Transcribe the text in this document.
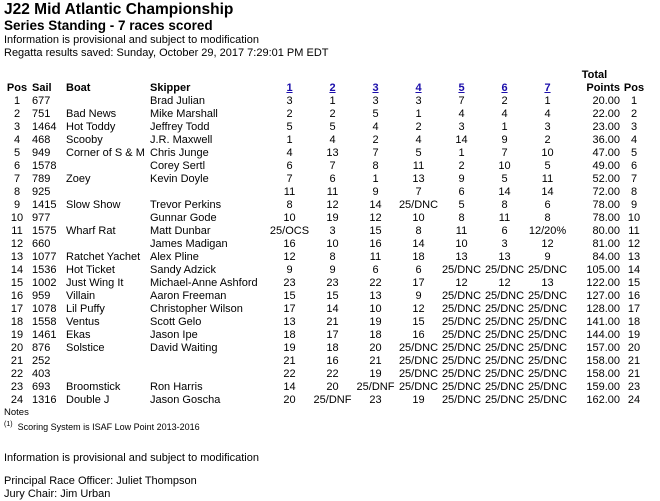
J22 Mid Atlantic Championship
Series Standing - 7 races scored
Information is provisional and subject to modification
Regatta results saved: Sunday, October 29, 2017 7:29:01 PM EDT
											Total	
Pos	Sail	Boat	Skipper	1	2	3	4	5	6	7	Points	Pos
1	677		Brad Julian	3	1	3	3	7	2	1	20.00	1
2	751	Bad News	Mike Marshall	2	2	5	1	4	4	4	22.00	2
3	1464	Hot Toddy	Jeffrey Todd	5	5	4	2	3	1	3	23.00	3
4	468	Scooby	J.R. Maxwell	1	4	2	4	14	9	2	36.00	4
5	949	Corner of S & M	Chris Junge	4	13	7	5	1	7	10	47.00	5
6	1578		Corey Sertl	6	7	8	11	2	10	5	49.00	6
7	789	Zoey	Kevin Doyle	7	6	1	13	9	5	11	52.00	7
8	925			11	11	9	7	6	14	14	72.00	8
9	1415	Slow Show	Trevor Perkins	8	12	14	25/DNC	5	8	6	78.00	9
10	977		Gunnar Gode	10	19	12	10	8	11	8	78.00	10
11	1575	Wharf Rat	Matt Dunbar	25/OCS	3	15	8	11	6	12/20%	80.00	11
12	660		James Madigan	16	10	16	14	10	3	12	81.00	12
13	1077	Ratchet Yachet	Alex Pline	12	8	11	18	13	13	9	84.00	13
14	1536	Hot Ticket	Sandy Adzick	9	9	6	6	25/DNC	25/DNC	25/DNC	105.00	14
15	1002	Just Wing It	Michael-Anne Ashford	23	23	22	17	12	12	13	122.00	15
16	959	Villain	Aaron Freeman	15	15	13	9	25/DNC	25/DNC	25/DNC	127.00	16
17	1078	Lil Puffy	Christopher Wilson	17	14	10	12	25/DNC	25/DNC	25/DNC	128.00	17
18	1558	Ventus	Scott Gelo	13	21	19	15	25/DNC	25/DNC	25/DNC	141.00	18
19	1461	Ekas	Jason Ipe	18	17	18	16	25/DNC	25/DNC	25/DNC	144.00	19
20	876	Solstice	David Waiting	19	18	20	25/DNC	25/DNC	25/DNC	25/DNC	157.00	20
21	252			21	16	21	25/DNC	25/DNC	25/DNC	25/DNC	158.00	21
22	403			22	22	19	25/DNC	25/DNC	25/DNC	25/DNC	158.00	21
23	693	Broomstick	Ron Harris	14	20	25/DNF	25/DNC	25/DNC	25/DNC	25/DNC	159.00	23
24	1316	Double J	Jason Goscha	20	25/DNF	23	19	25/DNC	25/DNC	25/DNC	162.00	24
Notes
$^{(1)}$ Scoring System is ISAF Low Point 2013-2016
Information is provisional and subject to modification
Principal Race Officer: Juliet Thompson
Jury Chair: Jim Urban
